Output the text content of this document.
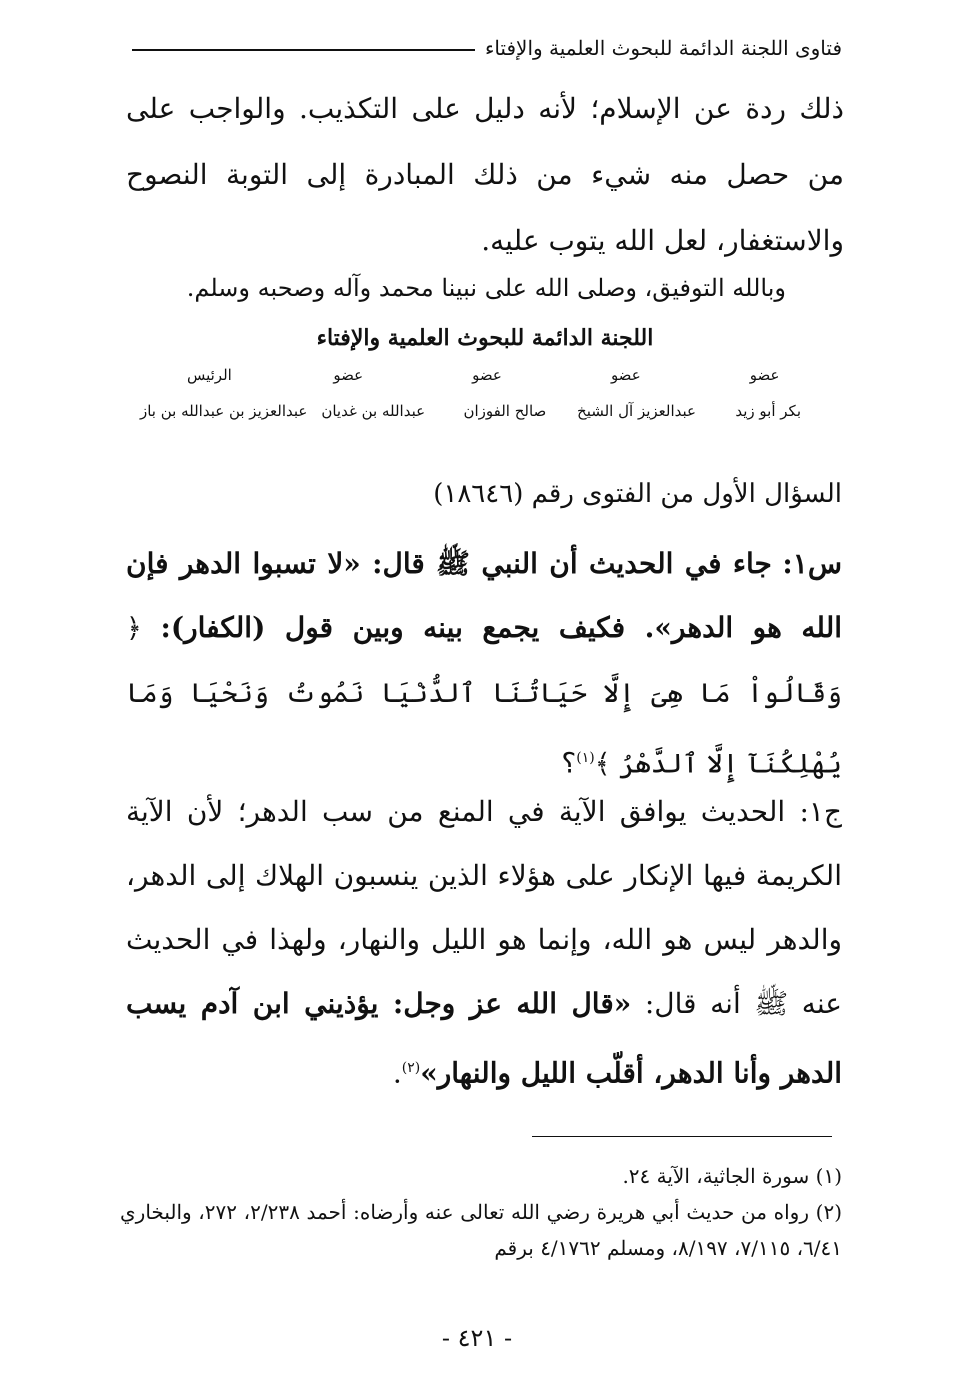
فتاوى اللجنة الدائمة للبحوث العلمية والإفتاء
ذلك ردة عن الإسلام؛ لأنه دليل على التكذيب. والواجب على من حصل منه شيء من ذلك المبادرة إلى التوبة النصوح والاستغفار، لعل الله يتوب عليه.
وبالله التوفيق، وصلى الله على نبينا محمد وآله وصحبه وسلم.
اللجنة الدائمة للبحوث العلمية والإفتاء
عضو
عضو
عضو
عضو
الرئيس
بكر أبو زيد
عبدالعزيز آل الشيخ
صالح الفوزان
عبدالله بن غديان
عبدالعزيز بن عبدالله بن باز
السؤال الأول من الفتوى رقم (١٨٦٤٦)
س١: جاء في الحديث أن النبي ﷺ قال: «لا تسبوا الدهر فإن الله هو الدهر». فكيف يجمع بينه وبين قول (الكفار): ﴿ وَقَالُواْ مَا هِىَ إِلَّا حَيَاتُنَا ٱلدُّنْيَا نَمُوتُ وَنَحْيَا وَمَا يُهْلِكُنَآ إِلَّا ٱلدَّهْرُ ﴾$^{(١)}$؟
ج١: الحديث يوافق الآية في المنع من سب الدهر؛ لأن الآية الكريمة فيها الإنكار على هؤلاء الذين ينسبون الهلاك إلى الدهر، والدهر ليس هو الله، وإنما هو الليل والنهار، ولهذا في الحديث عنه ﷺ أنه قال: «قال الله عز وجل: يؤذيني ابن آدم يسب الدهر وأنا الدهر، أقلّب الليل والنهار»$^{(٢)}$.
(١) سورة الجاثية، الآية ٢٤.
(٢) رواه من حديث أبي هريرة رضي الله تعالى عنه وأرضاه: أحمد ٢/٢٣٨، ٢٧٢، والبخاري ٦/٤١، ٧/١١٥، ٨/١٩٧، ومسلم ٤/١٧٦٢ برقم
- ٤٢١ -
